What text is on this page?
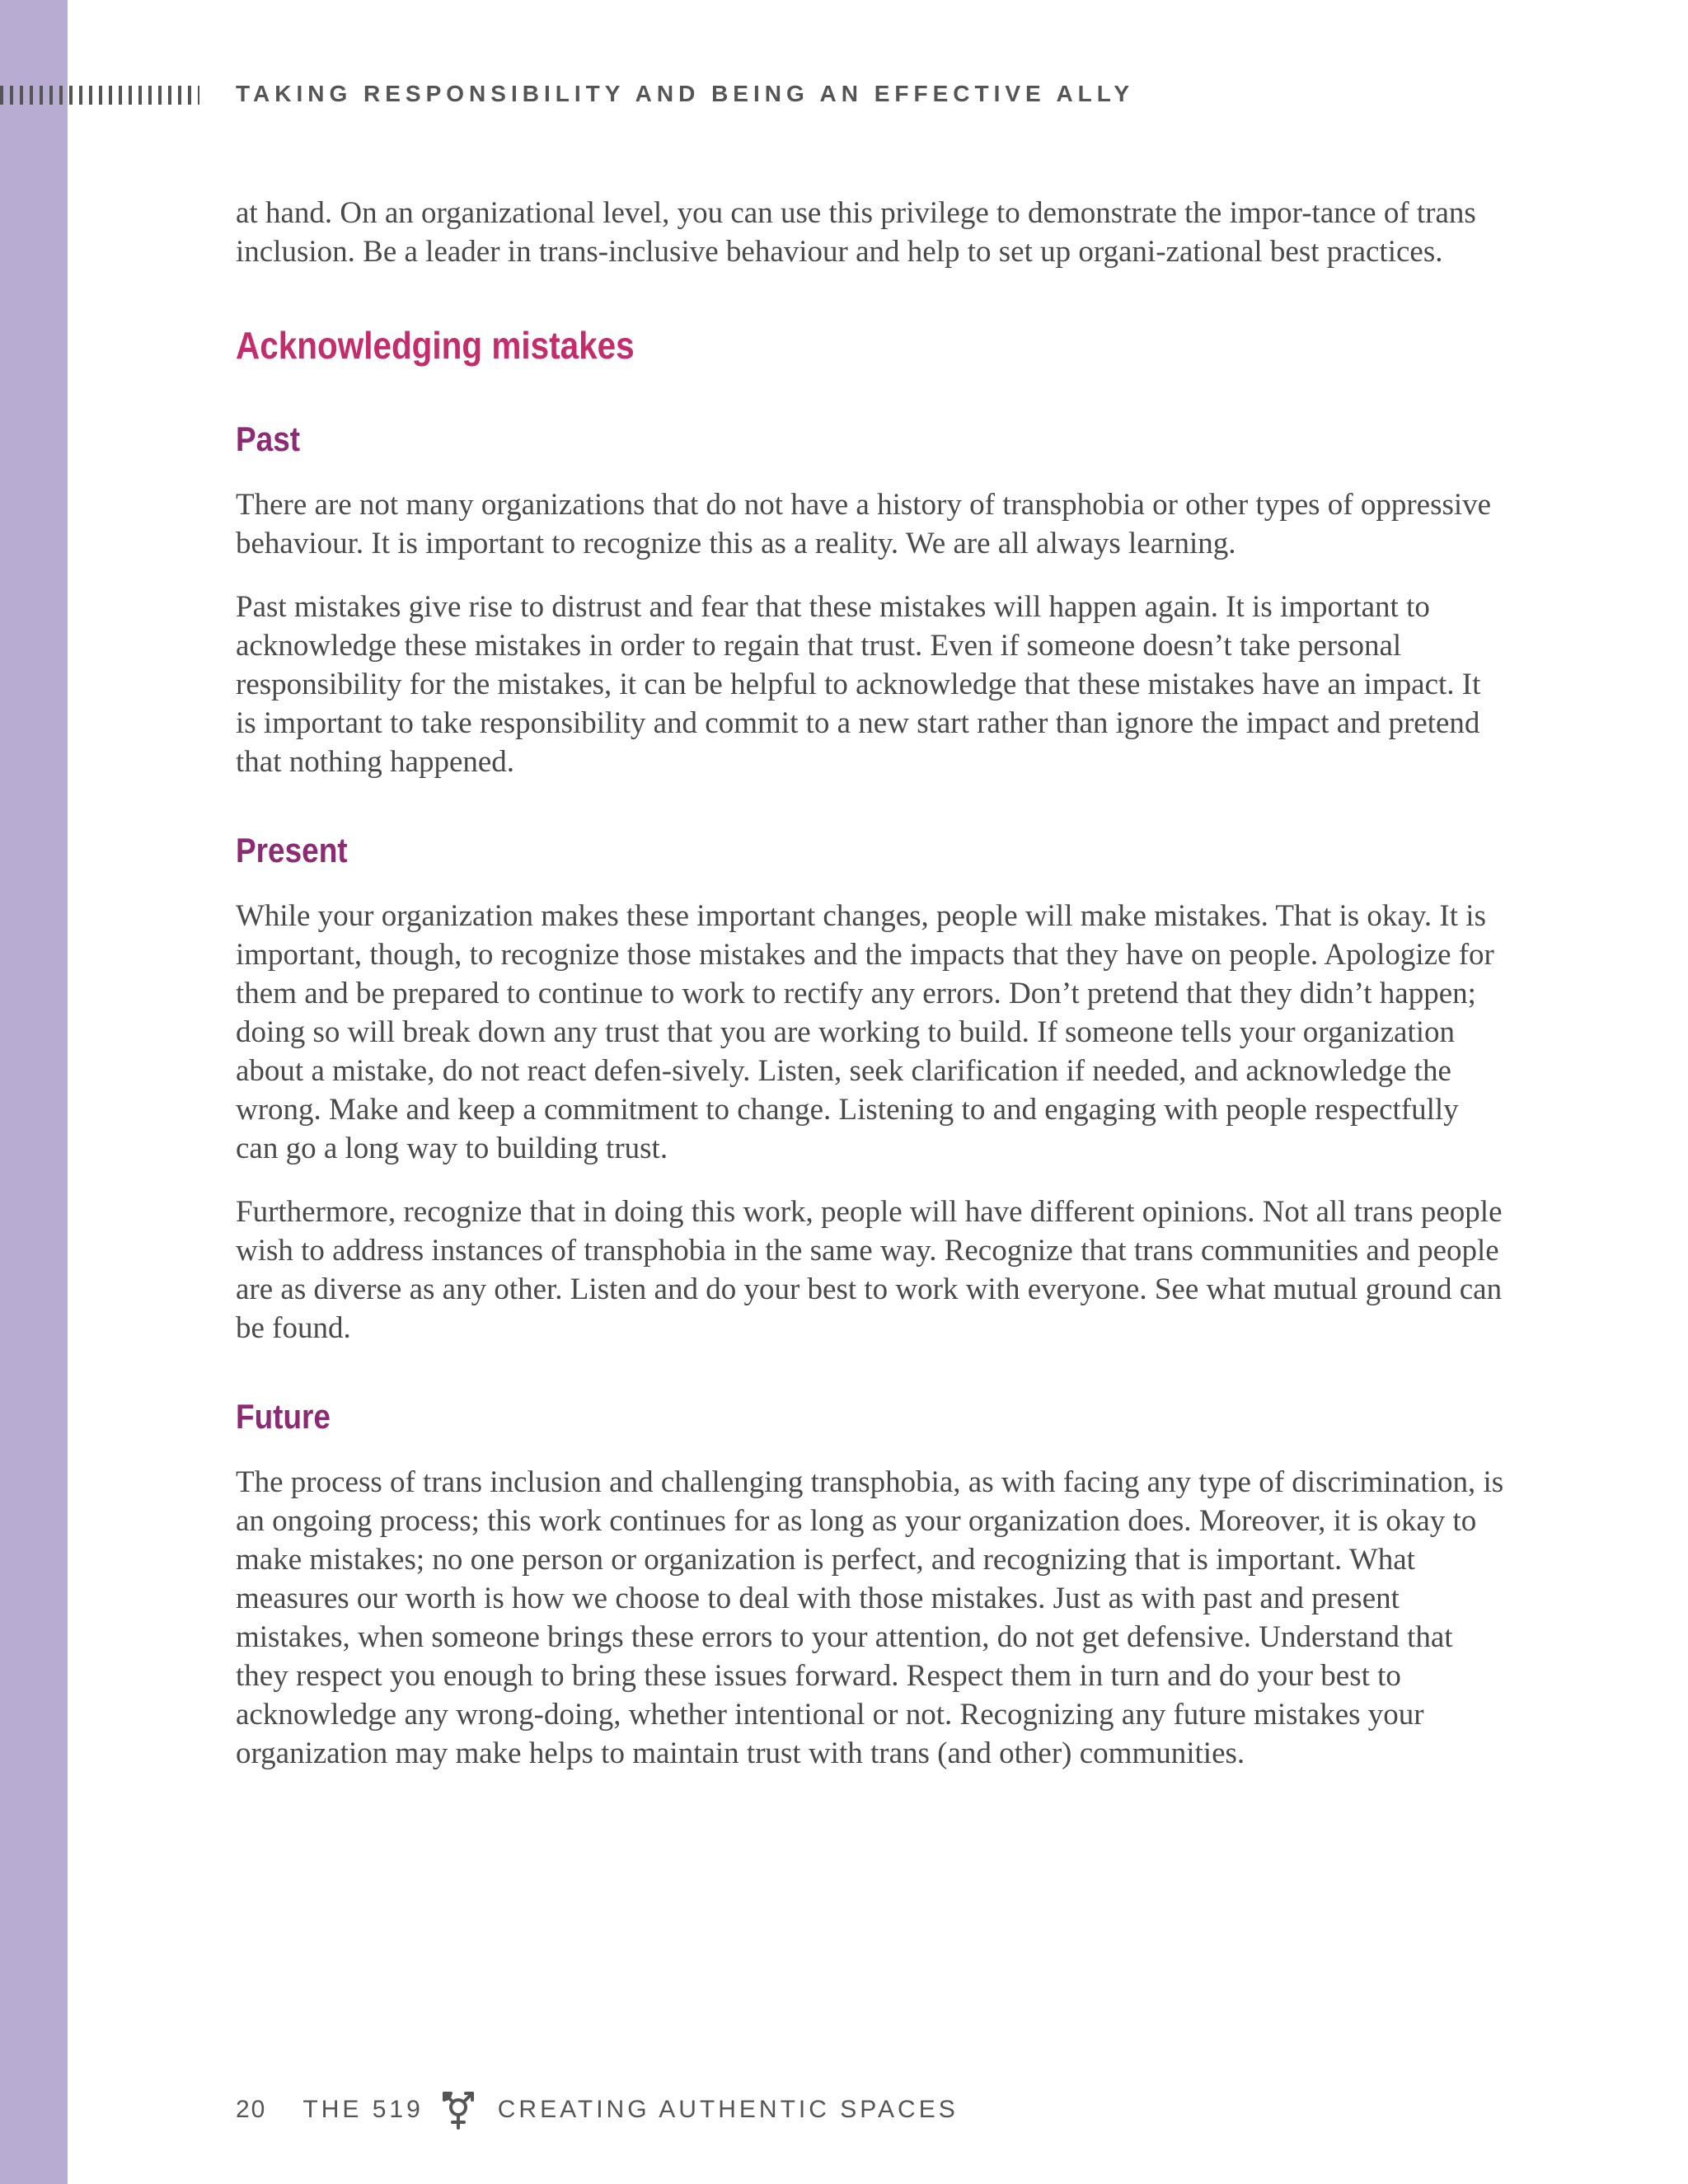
TAKING RESPONSIBILITY AND BEING AN EFFECTIVE ALLY

at hand. On an organizational level, you can use this privilege to demonstrate the impor-tance of trans inclusion. Be a leader in trans-inclusive behaviour and help to set up organi-zational best practices.

Acknowledging mistakes
Past

There are not many organizations that do not have a history of transphobia or other types of oppressive behaviour. It is important to recognize this as a reality. We are all always learning.

Past mistakes give rise to distrust and fear that these mistakes will happen again. It is important to acknowledge these mistakes in order to regain that trust. Even if someone doesn’t take personal responsibility for the mistakes, it can be helpful to acknowledge that these mistakes have an impact. It is important to take responsibility and commit to a new start rather than ignore the impact and pretend that nothing happened.

Present

While your organization makes these important changes, people will make mistakes. That is okay. It is important, though, to recognize those mistakes and the impacts that they have on people. Apologize for them and be prepared to continue to work to rectify any errors. Don’t pretend that they didn’t happen; doing so will break down any trust that you are working to build. If someone tells your organization about a mistake, do not react defen-sively. Listen, seek clarification if needed, and acknowledge the wrong. Make and keep a commitment to change. Listening to and engaging with people respectfully can go a long way to building trust.

Furthermore, recognize that in doing this work, people will have different opinions. Not all trans people wish to address instances of transphobia in the same way. Recognize that trans communities and people are as diverse as any other. Listen and do your best to work with everyone. See what mutual ground can be found.

Future

The process of trans inclusion and challenging transphobia, as with facing any type of discrimination, is an ongoing process; this work continues for as long as your organization does. Moreover, it is okay to make mistakes; no one person or organization is perfect, and recognizing that is important. What measures our worth is how we choose to deal with those mistakes. Just as with past and present mistakes, when someone brings these errors to your attention, do not get defensive. Understand that they respect you enough to bring these issues forward. Respect them in turn and do your best to acknowledge any wrong-doing, whether intentional or not. Recognizing any future mistakes your organization may make helps to maintain trust with trans (and other) communities.

20 THE 519	CREATING AUTHENTIC SPACES
